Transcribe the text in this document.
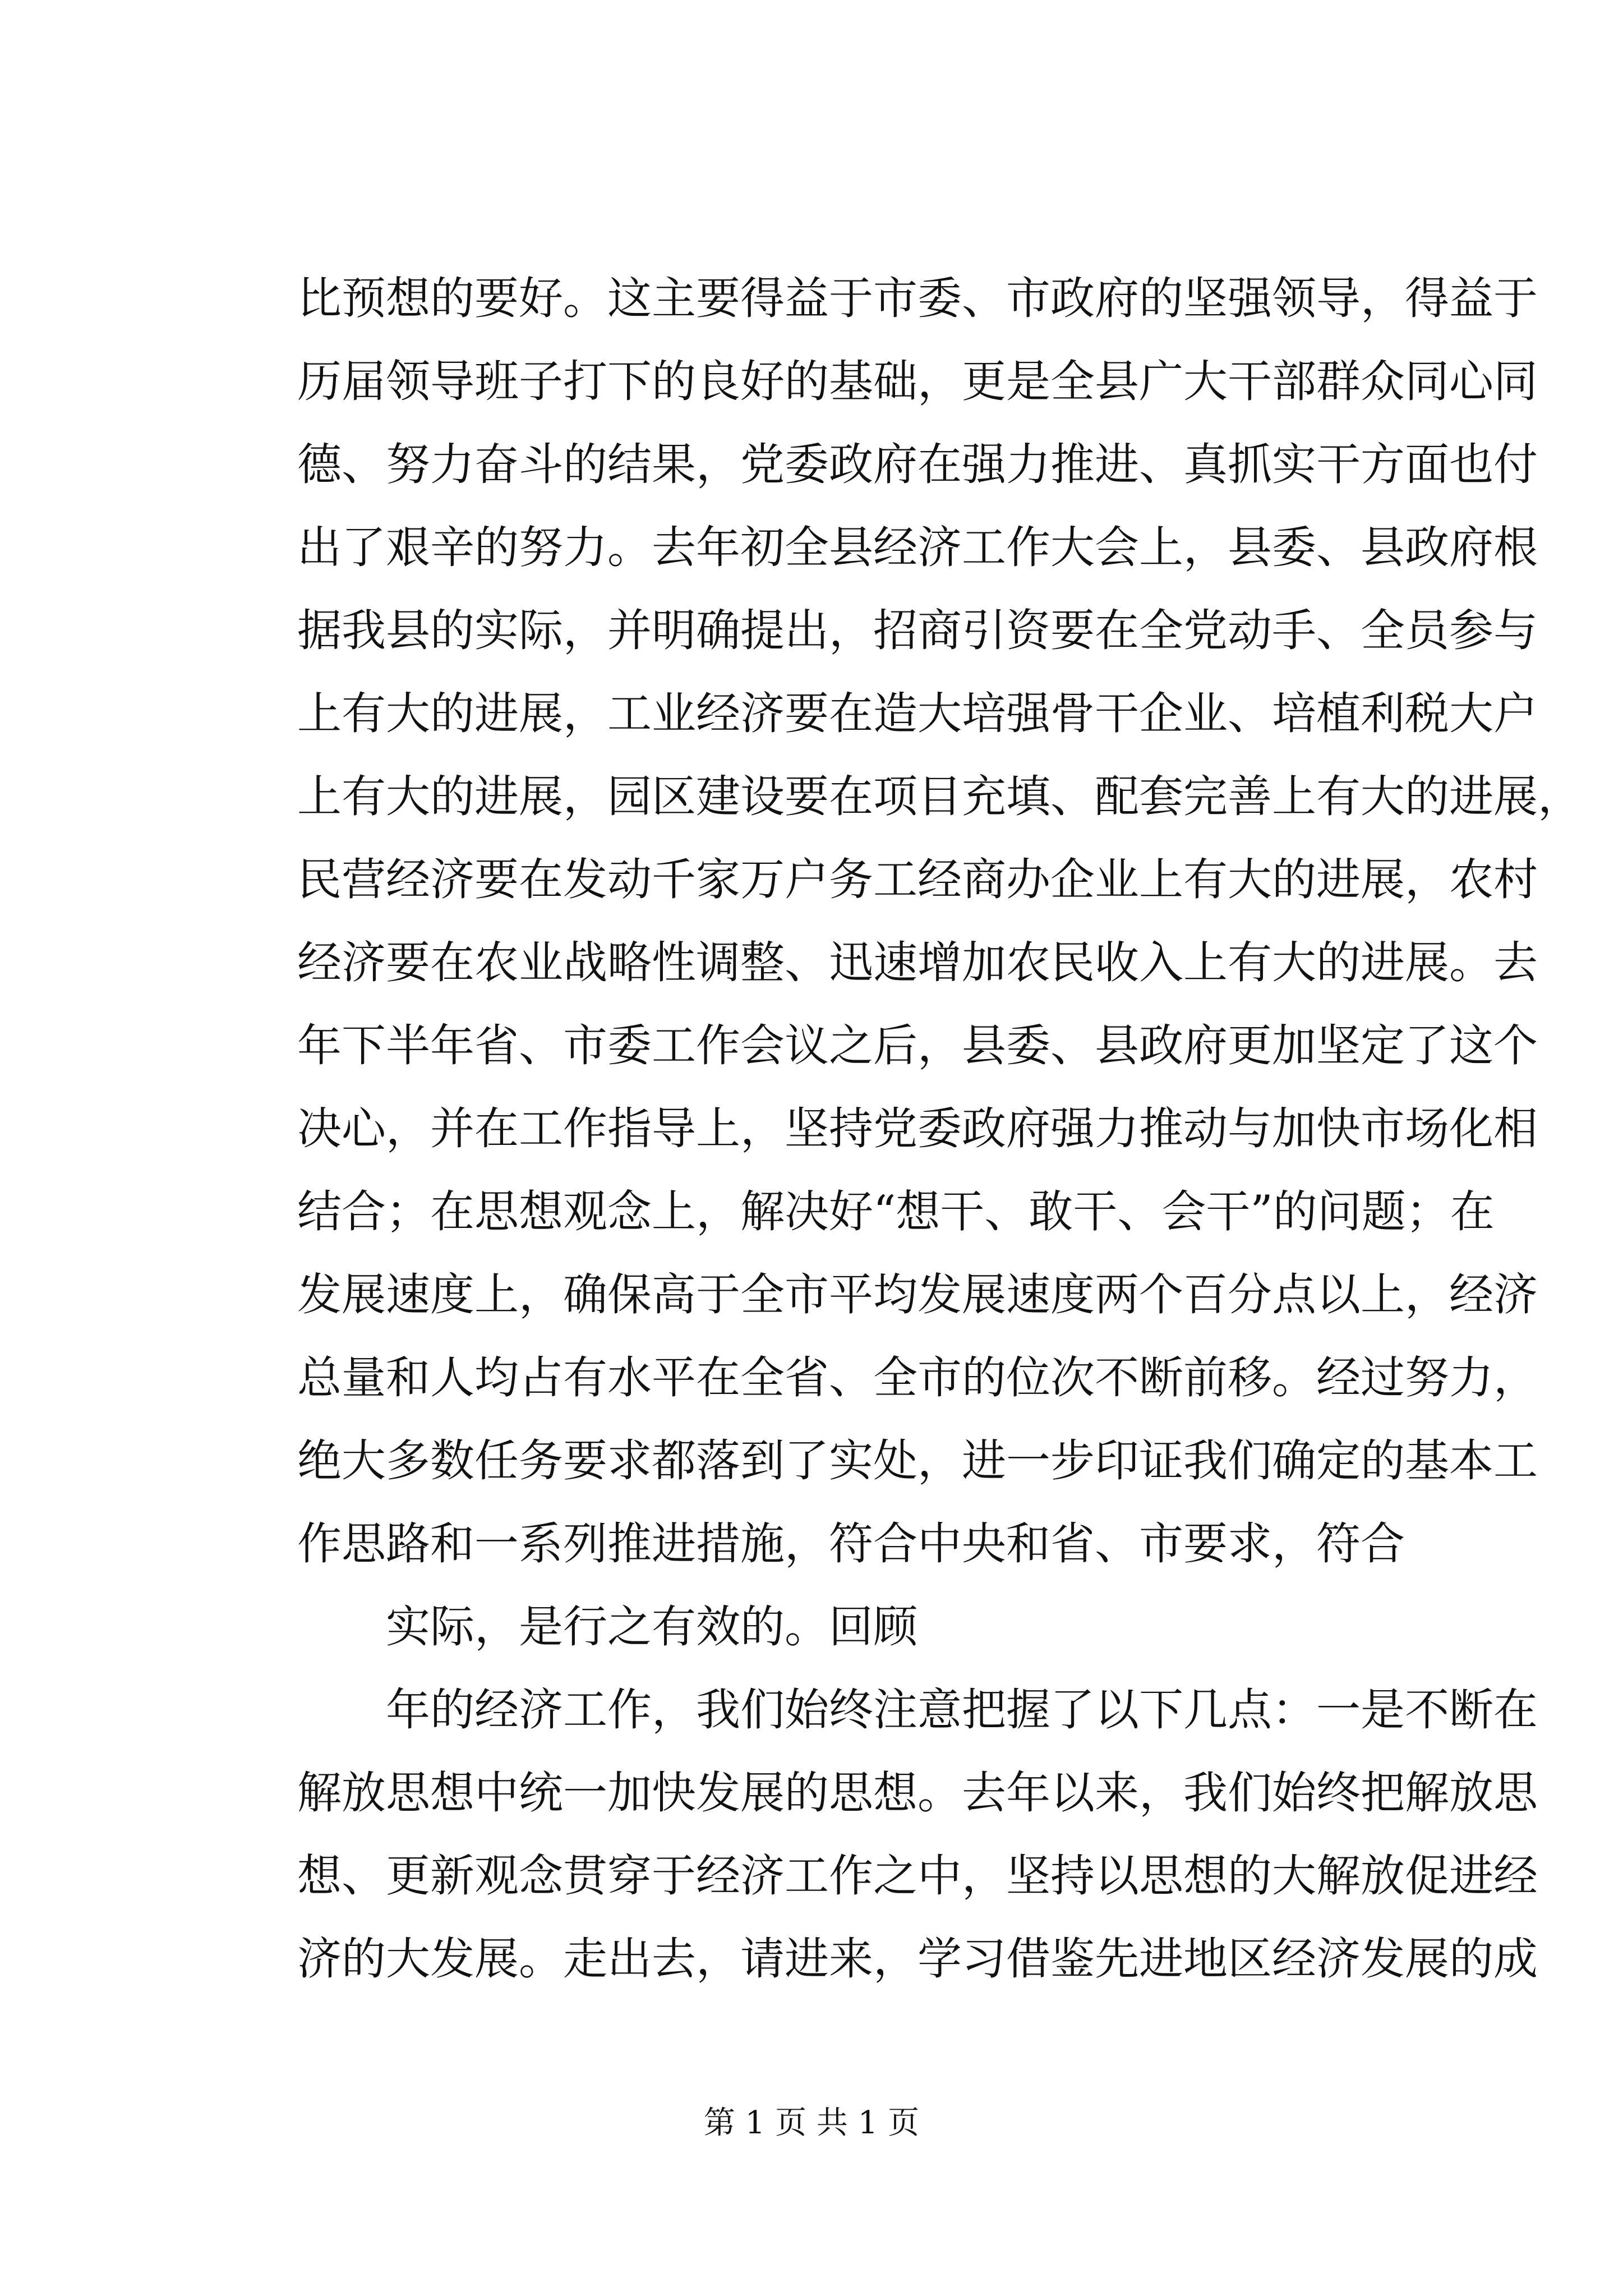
比预想的要好。这主要得益于市委、市政府的坚强领导，得益于
历届领导班子打下的良好的基础，更是全县广大干部群众同心同
德、努力奋斗的结果，党委政府在强力推进、真抓实干方面也付
出了艰辛的努力。去年初全县经济工作大会上，县委、县政府根
据我县的实际，并明确提出，招商引资要在全党动手、全员参与
上有大的进展，工业经济要在造大培强骨干企业、培植利税大户
上有大的进展，园区建设要在项目充填、配套完善上有大的进展，
民营经济要在发动千家万户务工经商办企业上有大的进展，农村
经济要在农业战略性调整、迅速增加农民收入上有大的进展。去
年下半年省、市委工作会议之后，县委、县政府更加坚定了这个
决心，并在工作指导上，坚持党委政府强力推动与加快市场化相
结合；在思想观念上，解决好“想干、敢干、会干”的问题；在
发展速度上，确保高于全市平均发展速度两个百分点以上，经济
总量和人均占有水平在全省、全市的位次不断前移。经过努力，
绝大多数任务要求都落到了实处，进一步印证我们确定的基本工
作思路和一系列推进措施，符合中央和省、市要求，符合
实际，是行之有效的。回顾
年的经济工作，我们始终注意把握了以下几点：一是不断在
解放思想中统一加快发展的思想。去年以来，我们始终把解放思
想、更新观念贯穿于经济工作之中，坚持以思想的大解放促进经
济的大发展。走出去，请进来，学习借鉴先进地区经济发展的成
第 1 页 共 1 页
